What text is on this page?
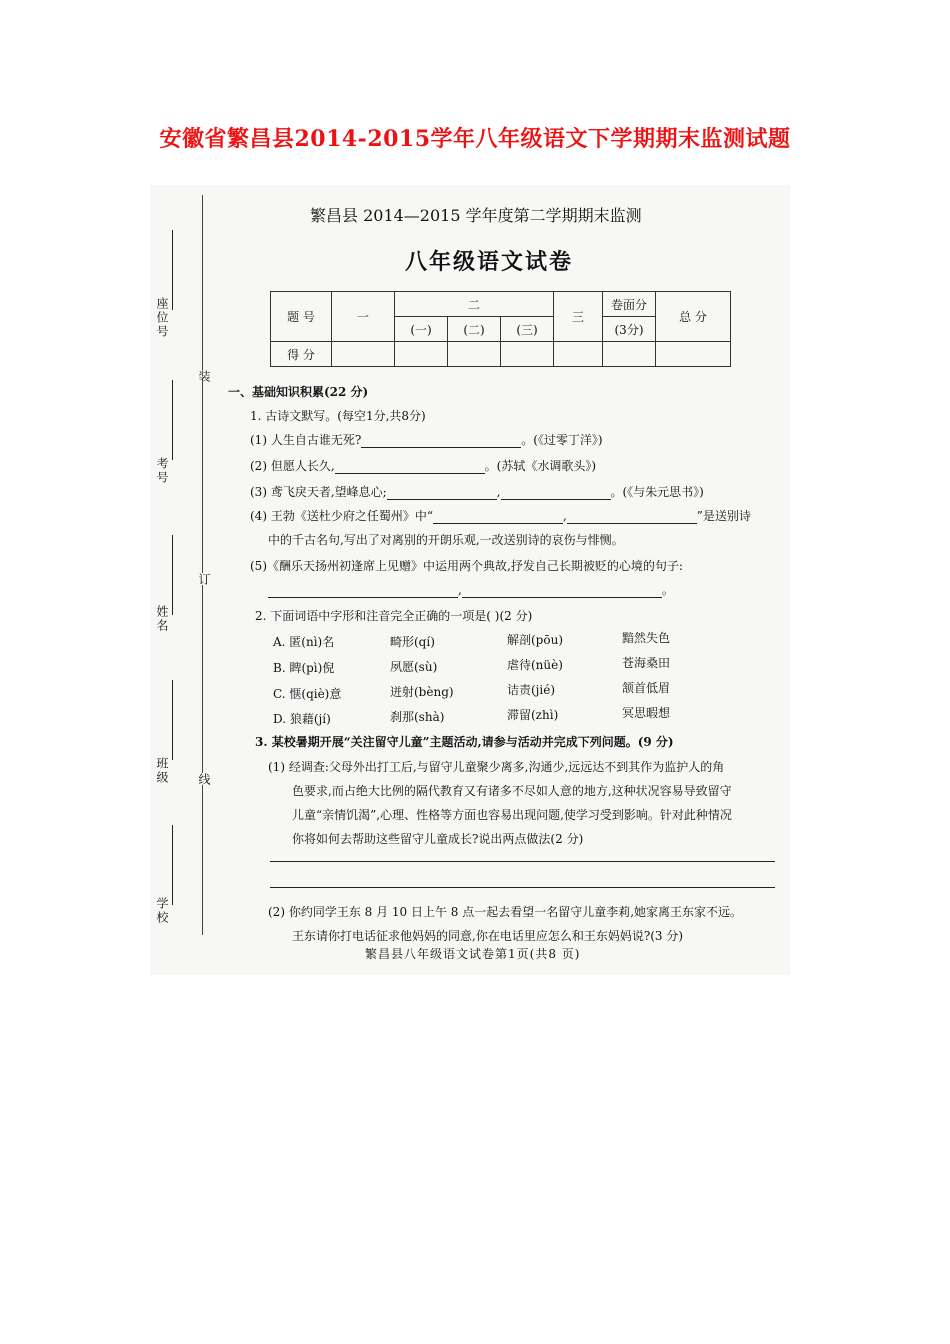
安徽省繁昌县2014-2015学年八年级语文下学期期末监测试题
座位号
考号
姓名
班级
学校
装
订
线
繁昌县 2014—2015 学年度第二学期期末监测
八年级语文试卷
题 号	一	二			三	卷面分	总 分
		(一)	(二)	(三)		(3分)	
得 分							
一、基础知识积累(22 分)
1. 古诗文默写。(每空1分,共8分)
(1) 人生自古谁无死?	。(《过零丁洋》)
(2) 但愿人长久,	。(苏轼《水调歌头》)
(3) 鸢飞戾天者,望峰息心;	,	。(《与朱元思书》)
(4) 王勃《送杜少府之任蜀州》中“	,	”是送别诗
中的千古名句,写出了对离别的开朗乐观,一改送别诗的哀伤与悱恻。
(5)《酬乐天扬州初逢席上见赠》中运用两个典故,抒发自己长期被贬的心境的句子:
,	。
2. 下面词语中字形和注音完全正确的一项是( )(2 分)
A. 匿(nì)名	畸形(qí)	解剖(pōu)	黯然失色
B. 睥(pì)倪	夙愿(sù)	虐待(nüè)	苍海桑田
C. 惬(qiè)意	迸射(bèng)	诘责(jié)	颔首低眉
D. 狼藉(jí)	刹那(shà)	滞留(zhì)	冥思暇想
3. 某校暑期开展“关注留守儿童”主题活动,请参与活动并完成下列问题。(9 分)
(1) 经调查:父母外出打工后,与留守儿童聚少离多,沟通少,远远达不到其作为监护人的角
色要求,而占绝大比例的隔代教育又有诸多不尽如人意的地方,这种状况容易导致留守
儿童“亲情饥渴”,心理、性格等方面也容易出现问题,使学习受到影响。针对此种情况
你将如何去帮助这些留守儿童成长?说出两点做法(2 分)
(2) 你约同学王东 8 月 10 日上午 8 点一起去看望一名留守儿童李莉,她家离王东家不远。
王东请你打电话征求他妈妈的同意,你在电话里应怎么和王东妈妈说?(3 分)
繁昌县八年级语文试卷第1页(共8 页)
